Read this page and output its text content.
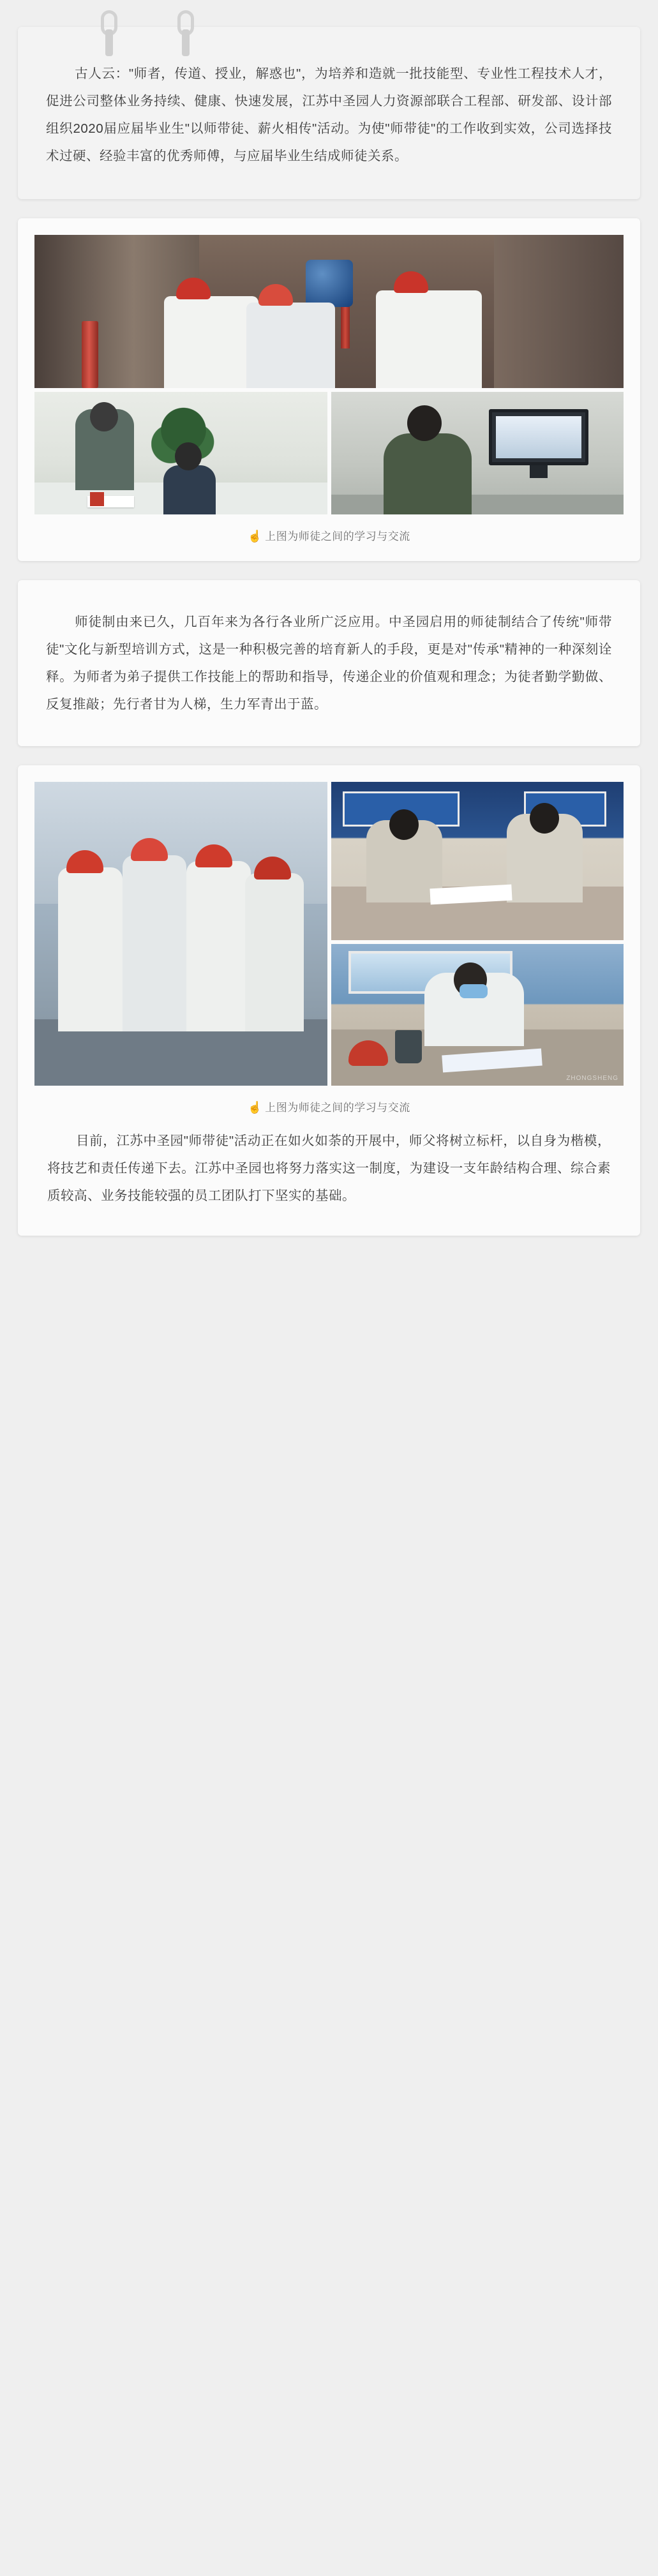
古人云："师者，传道、授业，解惑也"，为培养和造就一批技能型、专业性工程技术人才，促进公司整体业务持续、健康、快速发展，江苏中圣园人力资源部联合工程部、研发部、设计部组织2020届应届毕业生"以师带徒、薪火相传"活动。为使"师带徒"的工作收到实效，公司选择技术过硬、经验丰富的优秀师傅，与应届毕业生结成师徒关系。

☝ 上图为师徒之间的学习与交流

师徒制由来已久，几百年来为各行各业所广泛应用。中圣园启用的师徒制结合了传统"师带徒"文化与新型培训方式，这是一种积极完善的培育新人的手段，更是对"传承"精神的一种深刻诠释。为师者为弟子提供工作技能上的帮助和指导，传递企业的价值观和理念；为徒者勤学勤做、反复推敲；先行者甘为人梯，生力军青出于蓝。

ZHONGSHENG
☝ 上图为师徒之间的学习与交流

目前，江苏中圣园"师带徒"活动正在如火如荼的开展中，师父将树立标杆，以自身为楷模，将技艺和责任传递下去。江苏中圣园也将努力落实这一制度，为建设一支年龄结构合理、综合素质较高、业务技能较强的员工团队打下坚实的基础。
